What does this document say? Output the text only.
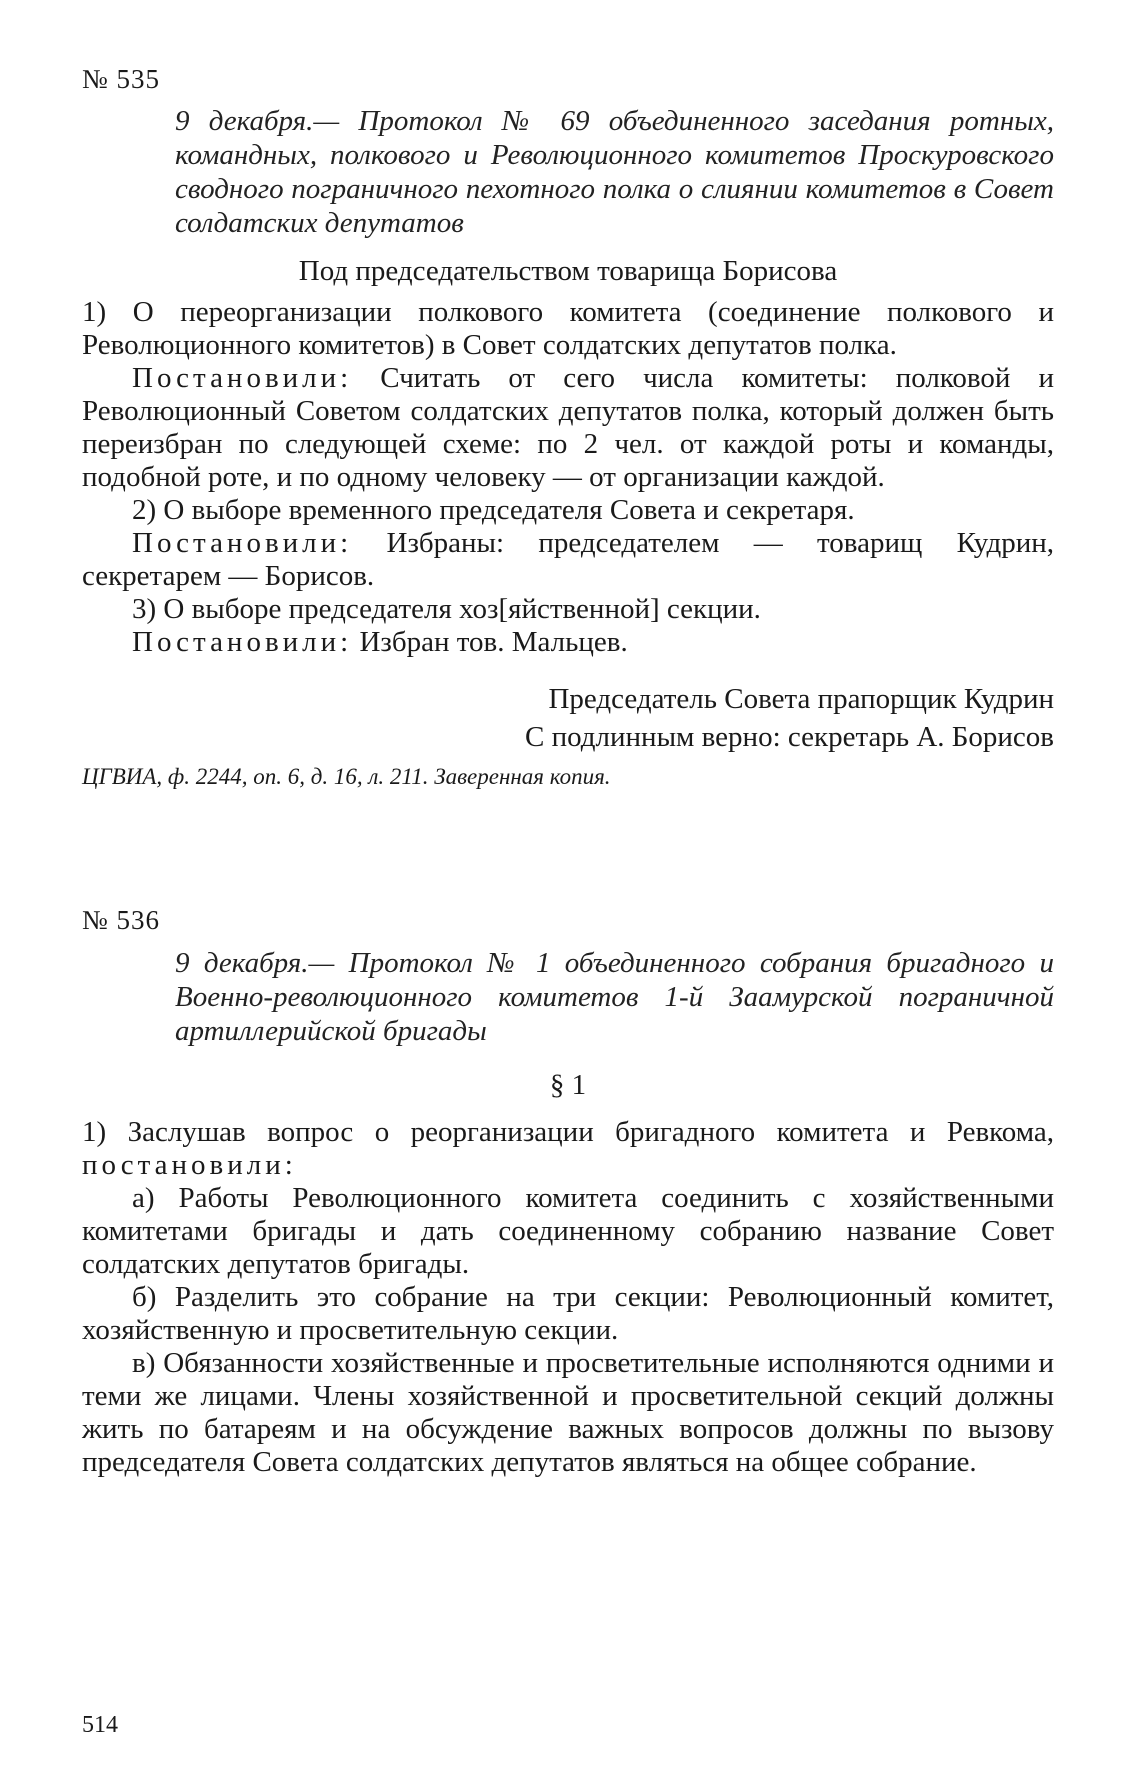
№ 535
9 декабря.— Протокол № 69 объединенного заседания ротных, командных, полкового и Революционного комитетов Проскуровского сводного пограничного пехотного полка о слиянии комитетов в Совет солдатских депутатов
Под председательством товарища Борисова

1) О переорганизации полкового комитета (соединение полкового и Революционного комитетов) в Совет солдатских депутатов полка.

Постановили: Считать от сего числа комитеты: полковой и Революционный Советом солдатских депутатов полка, который должен быть переизбран по следующей схеме: по 2 чел. от каждой роты и команды, подобной роте, и по одному человеку — от организации каждой.

2) О выборе временного председателя Совета и секретаря.

Постановили: Избраны: председателем — товарищ Кудрин, секретарем — Борисов.

3) О выборе председателя хоз[яйственной] секции.

Постановили: Избран тов. Мальцев.

Председатель Совета прапорщик Кудрин
С подлинным верно: секретарь А. Борисов
ЦГВИА, ф. 2244, оп. 6, д. 16, л. 211. Заверенная копия.
№ 536
9 декабря.— Протокол № 1 объединенного собрания бригадного и Военно-революционного комитетов 1-й Заамурской пограничной артиллерийской бригады
§ 1

1) Заслушав вопрос о реорганизации бригадного комитета и Ревкома, постановили:

а) Работы Революционного комитета соединить с хозяйственными комитетами бригады и дать соединенному собранию название Совет солдатских депутатов бригады.

б) Разделить это собрание на три секции: Революционный комитет, хозяйственную и просветительную секции.

в) Обязанности хозяйственные и просветительные исполняются одними и теми же лицами. Члены хозяйственной и просветительной секций должны жить по батареям и на обсуждение важных вопросов должны по вызову председателя Совета солдатских депутатов являться на общее собрание.

514
